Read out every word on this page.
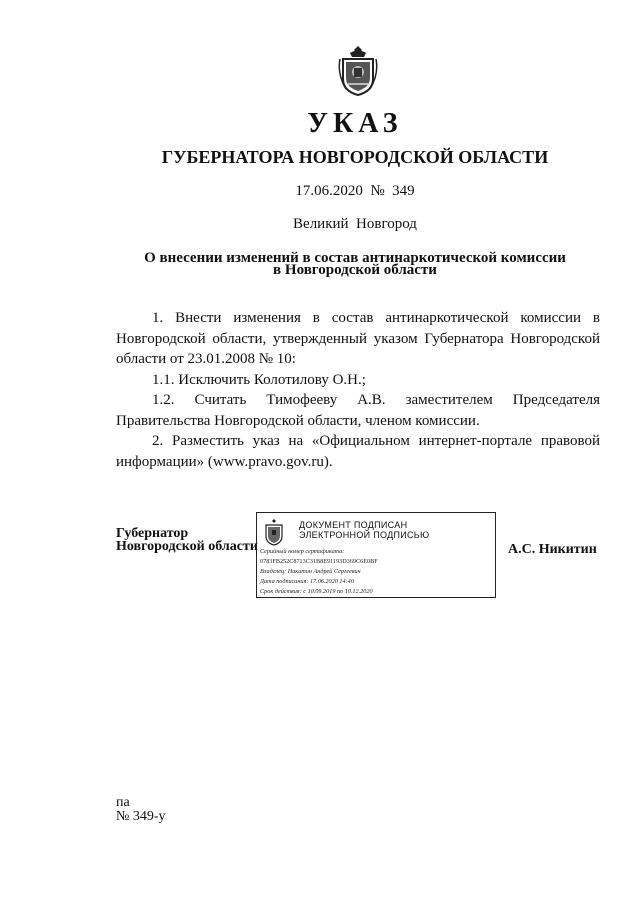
УКАЗ
ГУБЕРНАТОРА НОВГОРОДСКОЙ ОБЛАСТИ
17.06.2020  №  349
Великий  Новгород
О внесении изменений в состав антинаркотической комиссии
в Новгородской области

1.  Внести  изменения  в  состав  антинаркотической  комиссии  в Новгородской области, утвержденный указом Губернатора Новгородской области от 23.01.2008 № 10:

1.1. Исключить Колотилову О.Н.;

1.2. Считать Тимофееву А.В. заместителем Председателя Правительства Новгородской области, членом комиссии.

2.  Разместить  указ  на  «Официальном  интернет-портале  правовой информации» (www.pravo.gov.ru).

Губернатор
Новгородской области
ДОКУМЕНТ ПОДПИСАН
ЭЛЕКТРОННОЙ ПОДПИСЬЮ
Серийный номер сертификата:
0783FB252C8713C31B8E91193D369C6E0BF
Владелец: Никитин Андрей Сергеевич
Дата подписания: 17.06.2020 14:40
Срок действия: с 10.09.2019 по 10.12.2020
А.С. Никитин
па
№ 349-у
